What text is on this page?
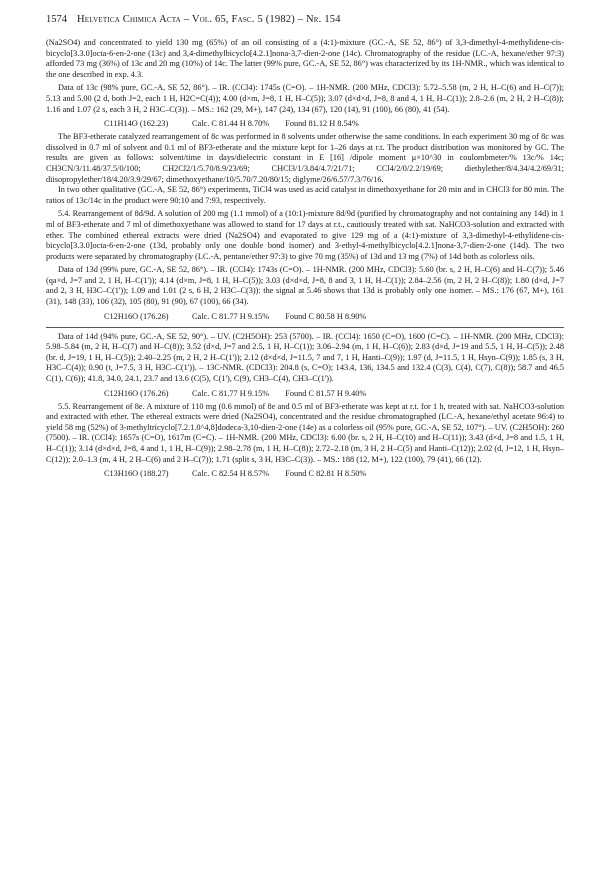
1574 Helvetica Chimica Acta – Vol. 65, Fasc. 5 (1982) – Nr. 154

(Na2SO4) and concentrated to yield 130 mg (65%) of an oil consisting of a (4:1)-mixture (GC.-A, SE 52, 86°) of 3,3-dimethyl-4-methylidene-cis-bicyclo[3.3.0]octa-6-en-2-one (13c) and 3,4-dimethylbicyclo[4.2.1]nona-3,7-dien-2-one (14c). Chromatography of the residue (LC.-A, hexane/ether 97:3) afforded 73 mg (36%) of 13c and 20 mg (10%) of 14c. The latter (99% pure, GC.-A, SE 52, 86°) was characterized by its 1H-NMR., which was identical to the one described in exp. 4.3.

Data of 13c (98% pure, GC.-A, SE 52, 86°). – IR. (CCl4): 1745s (C=O). – 1H-NMR. (200 MHz, CDCl3): 5.72–5.58 (m, 2 H, H–C(6) and H–C(7)); 5.13 and 5.00 (2 d, both J=2, each 1 H, H2C=C(4)); 4.00 (d×m, J=8, 1 H, H–C(5)); 3.07 (d×d×d, J=8, 8 and 4, 1 H, H–C(1)); 2.8–2.6 (m, 2 H, 2 H–C(8)); 1.16 and 1.07 (2 s, each 3 H, 2 H3C–C(3)). – MS.: 162 (29, M+), 147 (24), 134 (67), 120 (14), 91 (100), 66 (80), 41 (54).

C11H14O (162.23)	Calc. C 81.44 H 8.70% Found 81.12 H 8.54%

The BF3-etherate catalyzed rearrangement of 8c was performed in 8 solvents under otherwise the same conditions. In each experiment 30 mg of 8c was dissolved in 0.7 ml of solvent and 0.1 ml of BF3-etherate and the mixture kept for 1–26 days at r.t. The product distribution was monitored by GC. The results are given as follows: solvent/time in days/dielectric constant in E [16] /dipole moment μ×10^30 in coulombmeter/% 13c/% 14c; CH3CN/3/11.48/37.5/0/100; CH2Cl2/1/5.70/8.9/23/69; CHCl3/1/3.84/4.7/21/71; CCl4/2/0/2.2/19/69; diethylether/8/4.34/4.2/69/31; diisopropylether/18/4.20/3.9/29/67; dimethoxyethane/10/5.70/7.20/80/15; diglyme/26/6.57/7.3/76/16.

In two other qualitative (GC.-A, SE 52, 86°) experiments, TiCl4 was used as acid catalyst in dimethoxyethane for 20 min and in CHCl3 for 80 min. The ratios of 13c/14c in the product were 90:10 and 7:93, respectively.

5.4. Rearrangement of 8d/9d. A solution of 200 mg (1.1 mmol) of a (10:1)-mixture 8d/9d (purified by chromatography and not containing any 14d) in 1 ml of BF3-etherate and 7 ml of dimethoxyethane was allowed to stand for 17 days at r.t., cautiously treated with sat. NaHCO3-solution and extracted with ether. The combined ethereal extracts were dried (Na2SO4) and evaporated to give 129 mg of a (4:1)-mixture of 3,3-dimethyl-4-ethylidene-cis-bicyclo[3.3.0]octa-6-en-2-one (13d, probably only one double bond isomer) and 3-ethyl-4-methylbicyclo[4.2.1]nona-3,7-dien-2-one (14d). The two products were separated by chromatography (LC.-A, pentane/ether 97:3) to give 70 mg (35%) of 13d and 13 mg (7%) of 14d both as colorless oils.

Data of 13d (99% pure, GC.-A, SE 52, 86°). – IR. (CCl4): 1743s (C=O). – 1H-NMR. (200 MHz, CDCl3): 5.60 (br. s, 2 H, H–C(6) and H–C(7)); 5.46 (qa×d, J=7 and 2, 1 H, H–C(1')); 4.14 (d×m, J=8, 1 H, H–C(5)); 3.03 (d×d×d, J=8, 8 and 3, 1 H, H–C(1)); 2.84–2.56 (m, 2 H, 2 H–C(8)); 1.80 (d×d, J=7 and 2, 3 H, H3C–C(1')); 1.09 and 1.01 (2 s, 6 H, 2 H3C–C(3)): the signal at 5.46 shows that 13d is probably only one isomer. – MS.: 176 (67, M+), 161 (31), 148 (33), 106 (32), 105 (80), 91 (90), 67 (100), 66 (34).

C12H16O (176.26)	Calc. C 81.77 H 9.15% Found C 80.58 H 8.90%

Data of 14d (94% pure, GC.-A, SE 52, 90°). – UV. (C2H5OH): 253 (5700). – IR. (CCl4): 1650 (C=O), 1600 (C=C). – 1H-NMR. (200 MHz, CDCl3): 5.98–5.84 (m, 2 H, H–C(7) and H–C(8)); 3.52 (d×d, J=7 and 2.5, 1 H, H–C(1)); 3.06–2.94 (m, 1 H, H–C(6)); 2.83 (d×d, J=19 and 5.5, 1 H, H–C(5)); 2.48 (br. d, J=19, 1 H, H–C(5)); 2.40–2.25 (m, 2 H, 2 H–C(1')); 2.12 (d×d×d, J=11.5, 7 and 7, 1 H, Hanti–C(9)); 1.97 (d, J=11.5, 1 H, Hsyn–C(9)); 1.85 (s, 3 H, H3C–C(4)); 0.90 (t, J=7.5, 3 H, H3C–C(1')). – 13C-NMR. (CDCl3): 204.8 (s, C=O); 143.4, 136, 134.5 and 132.4 (C(3), C(4), C(7), C(8)); 58.7 and 46.5 C(1), C(6)); 41.8, 34.0, 24.1, 23.7 and 13.6 (C(5), C(1'), C(9), CH3–C(4), CH3–C(1')).

C12H16O (176.26)	Calc. C 81.77 H 9.15% Found C 81.57 H 9.40%

5.5. Rearrangement of 8e. A mixture of 110 mg (0.6 mmol) of 8e and 0.5 ml of BF3-etherate was kept at r.t. for 1 h, treated with sat. NaHCO3-solution and extracted with ether. The ethereal extracts were dried (Na2SO4), concentrated and the residue chromatographed (LC.-A, hexane/ethyl acetate 96:4) to yield 58 mg (52%) of 3-methyltricyclo[7.2.1.0^4,8]dodeca-3,10-dien-2-one (14e) as a colorless oil (95% pure, GC.-A, SE 52, 107°). – UV. (C2H5OH): 260 (7500). – IR. (CCl4): 1657s (C=O), 1617m (C=C). – 1H-NMR. (200 MHz, CDCl3): 6.00 (br. s, 2 H, H–C(10) and H–C(11)); 3.43 (d×d, J=8 and 1.5, 1 H, H–C(1)); 3.14 (d×d×d, J=8, 4 and 1, 1 H, H–C(9)); 2.98–2.78 (m, 1 H, H–C(8)); 2.72–2.18 (m, 3 H, 2 H–C(5) and Hanti–C(12)); 2.02 (d, J=12, 1 H, Hsyn–C(12)); 2.0–1.3 (m, 4 H, 2 H–C(6) and 2 H–C(7)); 1.71 (split s, 3 H, H3C–C(3)). – MS.: 188 (12, M+), 122 (100), 79 (41), 66 (12).

C13H16O (188.27)	Calc. C 82.54 H 8.57% Found C 82.81 H 8.50%
